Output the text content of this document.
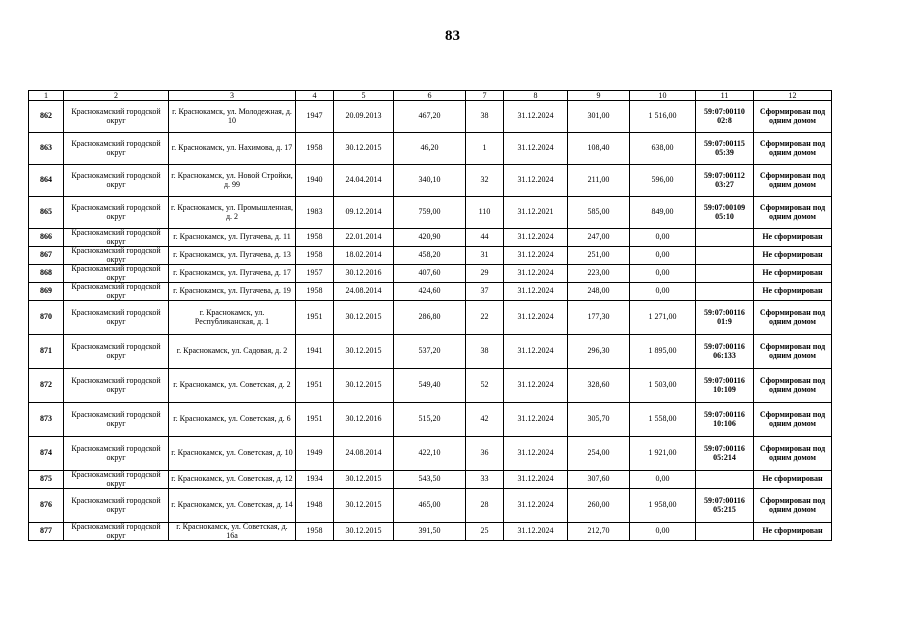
83
1	2	3	4	5	6	7	8	9	10	11	12
862	Краснокамский городской округ	г. Краснокамск, ул. Молодежная, д. 10	1947	20.09.2013	467,20	38	31.12.2024	301,00	1 516,00	59:07:00110 02:8	Сформирован под одним домом
863	Краснокамский городской округ	г. Краснокамск, ул. Нахимова, д. 17	1958	30.12.2015	46,20	1	31.12.2024	108,40	638,00	59:07:00115 05:39	Сформирован под одним домом
864	Краснокамский городской округ	г. Краснокамск, ул. Новой Стройки, д. 99	1940	24.04.2014	340,10	32	31.12.2024	211,00	596,00	59:07:00112 03:27	Сформирован под одним домом
865	Краснокамский городской округ	г. Краснокамск, ул. Промышленная, д. 2	1983	09.12.2014	759,00	110	31.12.2021	585,00	849,00	59:07:00109 05:10	Сформирован под одним домом
866	Краснокамский городской округ	г. Краснокамск, ул. Пугачева, д. 11	1958	22.01.2014	420,90	44	31.12.2024	247,00	0,00		Не сформирован
867	Краснокамский городской округ	г. Краснокамск, ул. Пугачева, д. 13	1958	18.02.2014	458,20	31	31.12.2024	251,00	0,00		Не сформирован
868	Краснокамский городской округ	г. Краснокамск, ул. Пугачева, д. 17	1957	30.12.2016	407,60	29	31.12.2024	223,00	0,00		Не сформирован
869	Краснокамский городской округ	г. Краснокамск, ул. Пугачева, д. 19	1958	24.08.2014	424,60	37	31.12.2024	248,00	0,00		Не сформирован
870	Краснокамский городской округ	г. Краснокамск, ул. Республиканская, д. 1	1951	30.12.2015	286,80	22	31.12.2024	177,30	1 271,00	59:07:00116 01:9	Сформирован под одним домом
871	Краснокамский городской округ	г. Краснокамск, ул. Садовая, д. 2	1941	30.12.2015	537,20	38	31.12.2024	296,30	1 895,00	59:07:00116 06:133	Сформирован под одним домом
872	Краснокамский городской округ	г. Краснокамск, ул. Советская, д. 2	1951	30.12.2015	549,40	52	31.12.2024	328,60	1 503,00	59:07:00116 10:109	Сформирован под одним домом
873	Краснокамский городской округ	г. Краснокамск, ул. Советская, д. 6	1951	30.12.2016	515,20	42	31.12.2024	305,70	1 558,00	59:07:00116 10:106	Сформирован под одним домом
874	Краснокамский городской округ	г. Краснокамск, ул. Советская, д. 10	1949	24.08.2014	422,10	36	31.12.2024	254,00	1 921,00	59:07:00116 05:214	Сформирован под одним домом
875	Краснокамский городской округ	г. Краснокамск, ул. Советская, д. 12	1934	30.12.2015	543,50	33	31.12.2024	307,60	0,00		Не сформирован
876	Краснокамский городской округ	г. Краснокамск, ул. Советская, д. 14	1948	30.12.2015	465,00	28	31.12.2024	260,00	1 958,00	59:07:00116 05:215	Сформирован под одним домом
877	Краснокамский городской округ	г. Краснокамск, ул. Советская, д. 16а	1958	30.12.2015	391,50	25	31.12.2024	212,70	0,00		Не сформирован
